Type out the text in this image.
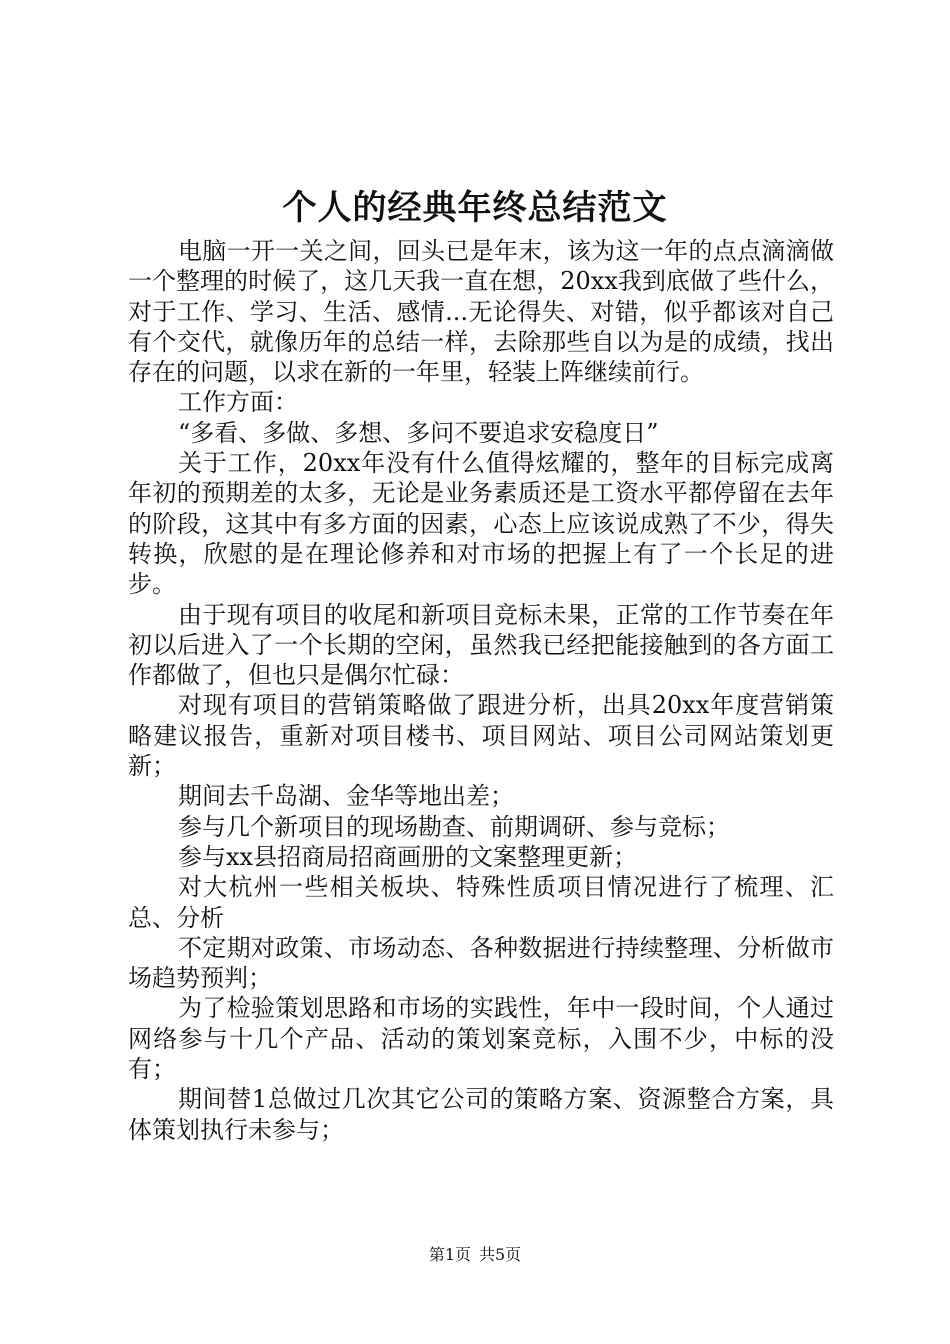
个人的经典年终总结范文

电脑一开一关之间，回头已是年末，该为这一年的点点滴滴做一个整理的时候了，这几天我一直在想，20xx我到底做了些什么，对于工作、学习、生活、感情...无论得失、对错，似乎都该对自己有个交代，就像历年的总结一样，去除那些自以为是的成绩，找出存在的问题，以求在新的一年里，轻装上阵继续前行。

工作方面：

“多看、多做、多想、多问不要追求安稳度日”

关于工作，20xx年没有什么值得炫耀的，整年的目标完成离年初的预期差的太多，无论是业务素质还是工资水平都停留在去年的阶段，这其中有多方面的因素，心态上应该说成熟了不少，得失转换，欣慰的是在理论修养和对市场的把握上有了一个长足的进步。

由于现有项目的收尾和新项目竞标未果，正常的工作节奏在年初以后进入了一个长期的空闲，虽然我已经把能接触到的各方面工作都做了，但也只是偶尔忙碌：

对现有项目的营销策略做了跟进分析，出具20xx年度营销策略建议报告，重新对项目楼书、项目网站、项目公司网站策划更新；

期间去千岛湖、金华等地出差；

参与几个新项目的现场勘查、前期调研、参与竞标；

参与xx县招商局招商画册的文案整理更新；

对大杭州一些相关板块、特殊性质项目情况进行了梳理、汇总、分析

不定期对政策、市场动态、各种数据进行持续整理、分析做市场趋势预判；

为了检验策划思路和市场的实践性，年中一段时间，个人通过网络参与十几个产品、活动的策划案竞标，入围不少，中标的没有；

期间替1总做过几次其它公司的策略方案、资源整合方案，具体策划执行未参与；

第1页 共5页
